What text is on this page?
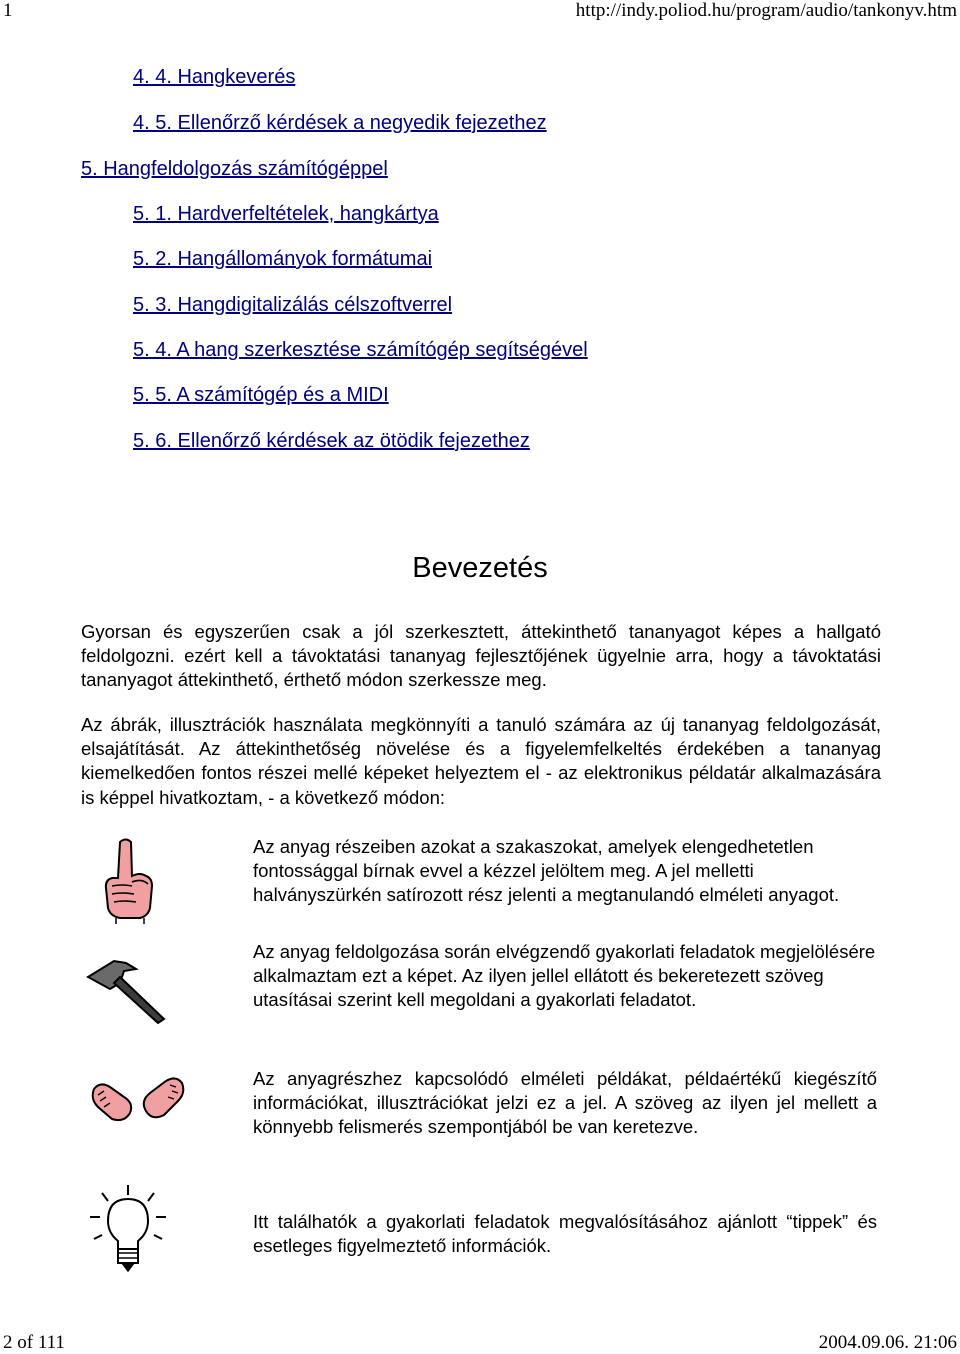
1	http://indy.poliod.hu/program/audio/tankonyv.htm
4. 4. Hangkeverés
4. 5. Ellenőrző kérdések a negyedik fejezethez
5. Hangfeldolgozás számítógéppel
5. 1. Hardverfeltételek, hangkártya
5. 2. Hangállományok formátumai
5. 3. Hangdigitalizálás célszoftverrel
5. 4. A hang szerkesztése számítógép segítségével
5. 5. A számítógép és a MIDI
5. 6. Ellenőrző kérdések az ötödik fejezethez
Bevezetés

Gyorsan és egyszerűen csak a jól szerkesztett, áttekinthető tananyagot képes a hallgató feldolgozni. ezért kell a távoktatási tananyag fejlesztőjének ügyelnie arra, hogy a távoktatási tananyagot áttekinthető, érthető módon szerkessze meg.

Az ábrák, illusztrációk használata megkönnyíti a tanuló számára az új tananyag feldolgozását, elsajátítását. Az áttekinthetőség növelése és a figyelemfelkeltés érdekében a tananyag kiemelkedően fontos részei mellé képeket helyeztem el - az elektronikus példatár alkalmazására is képpel hivatkoztam, - a következő módon:

Az anyag részeiben azokat a szakaszokat, amelyek elengedhetetlen fontossággal bírnak evvel a kézzel jelöltem meg. A jel melletti halványszürkén satírozott rész jelenti a megtanulandó elméleti anyagot.

Az anyag feldolgozása során elvégzendő gyakorlati feladatok megjelölésére alkalmaztam ezt a képet. Az ilyen jellel ellátott és bekeretezett szöveg utasításai szerint kell megoldani a gyakorlati feladatot.

Az anyagrészhez kapcsolódó elméleti példákat, példaértékű kiegészítő információkat, illusztrációkat jelzi ez a jel. A szöveg az ilyen jel mellett a könnyebb felismerés szempontjából be van keretezve.

Itt találhatók a gyakorlati feladatok megvalósításához ajánlott “tippek” és esetleges figyelmeztető információk.

2 of 111	2004.09.06. 21:06
